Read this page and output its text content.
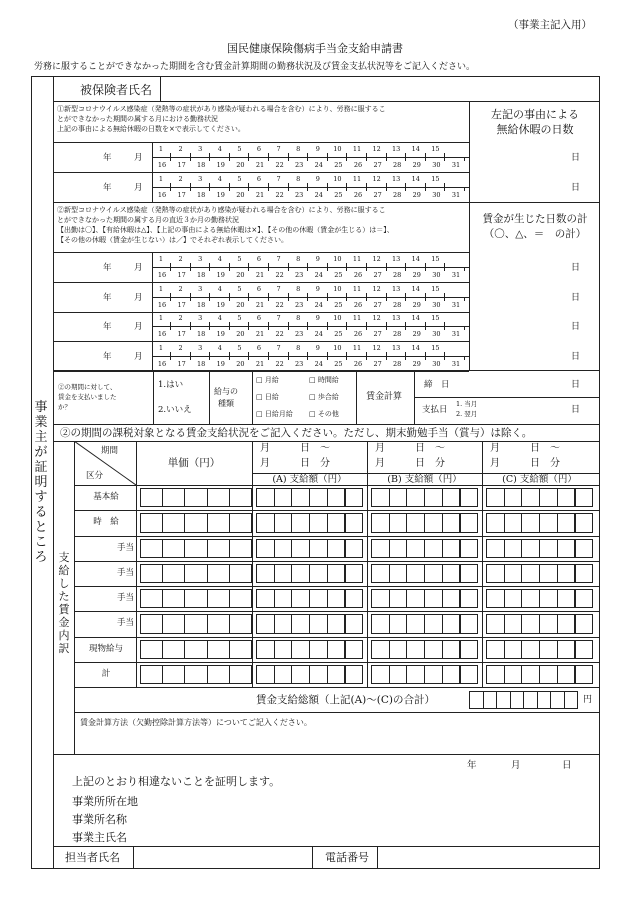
（事業主記入用）
国民健康保険傷病手当金支給申請書
労務に服することができなかった期間を含む賃金計算期間の勤務状況及び賃金支払状況等をご記入ください。
事業主が証明するところ
被保険者氏名
①新型コロナウイルス感染症（発熱等の症状があり感染が疑われる場合を含む）により、労務に服するこ
とができなかった期間の属する月における勤務状況
上記の事由による無給休暇の日数を×で表示してください。
左記の事由による
無給休暇の日数
年	月
1	2	3	4	5	6	7	8	9	10 11 12 13 14 15
16 17 18 19 20 21 22 23 24 25 26 27 28 29 30 31
日
年	月
1	2	3	4	5	6	7	8	9	10 11 12 13 14 15
16 17 18 19 20 21 22 23 24 25 26 27 28 29 30 31
日
②新型コロナウイルス感染症（発熱等の症状があり感染が疑われる場合を含む）により、労務に服するこ
とができなかった期間の属する月の直近３か月の勤務状況
【出勤は〇】、【有給休暇は△】、【上記の事由による無給休暇は×】、【その他の休暇（賃金が生じる）は＝】、
【その他の休暇（賃金が生じない）は／】でそれぞれ表示してください。
賃金が生じた日数の計
（〇、△、＝　の計）
年	月
1	2	3	4	5	6	7	8	9	10 11 12 13 14 15
16 17 18 19 20 21 22 23 24 25 26 27 28 29 30 31
日
年	月
1	2	3	4	5	6	7	8	9	10 11 12 13 14 15
16 17 18 19 20 21 22 23 24 25 26 27 28 29 30 31
日
年	月
1	2	3	4	5	6	7	8	9	10 11 12 13 14 15
16 17 18 19 20 21 22 23 24 25 26 27 28 29 30 31
日
年	月
1	2	3	4	5	6	7	8	9	10 11 12 13 14 15
16 17 18 19 20 21 22 23 24 25 26 27 28 29 30 31
日
②の期間に対して、
賃金を支払いました
か？
1.はい
2.いいえ
給与の
種類
□ 月給	□ 時間給
□ 日給	□ 歩合給
□ 日給月給 □ その他
賃金計算
締　日	日
支払日
1. 当月
2. 翌月	日
②の期間の課税対象となる賃金支給状況をご記入ください。ただし、期末勤勉手当（賞与）は除く。
支給した賃金内訳
期間
区分
単価（円）
月　　　日　～
月　　　日　分
(A) 支給額（円）
月　　　日　～
月　　　日　分
(B) 支給額（円）
月　　　日　～
月　　　日　分
(C) 支給額（円）
基本給
時　給
手当
手当
手当
手当
現物給与
計
賃金支給総額（上記(A)～(C)の合計）	円
賃金計算方法（欠勤控除計算方法等）についてご記入ください。
年	月	日
上記のとおり相違ないことを証明します。
事業所所在地
事業所名称
事業主氏名
担当者氏名	電話番号
